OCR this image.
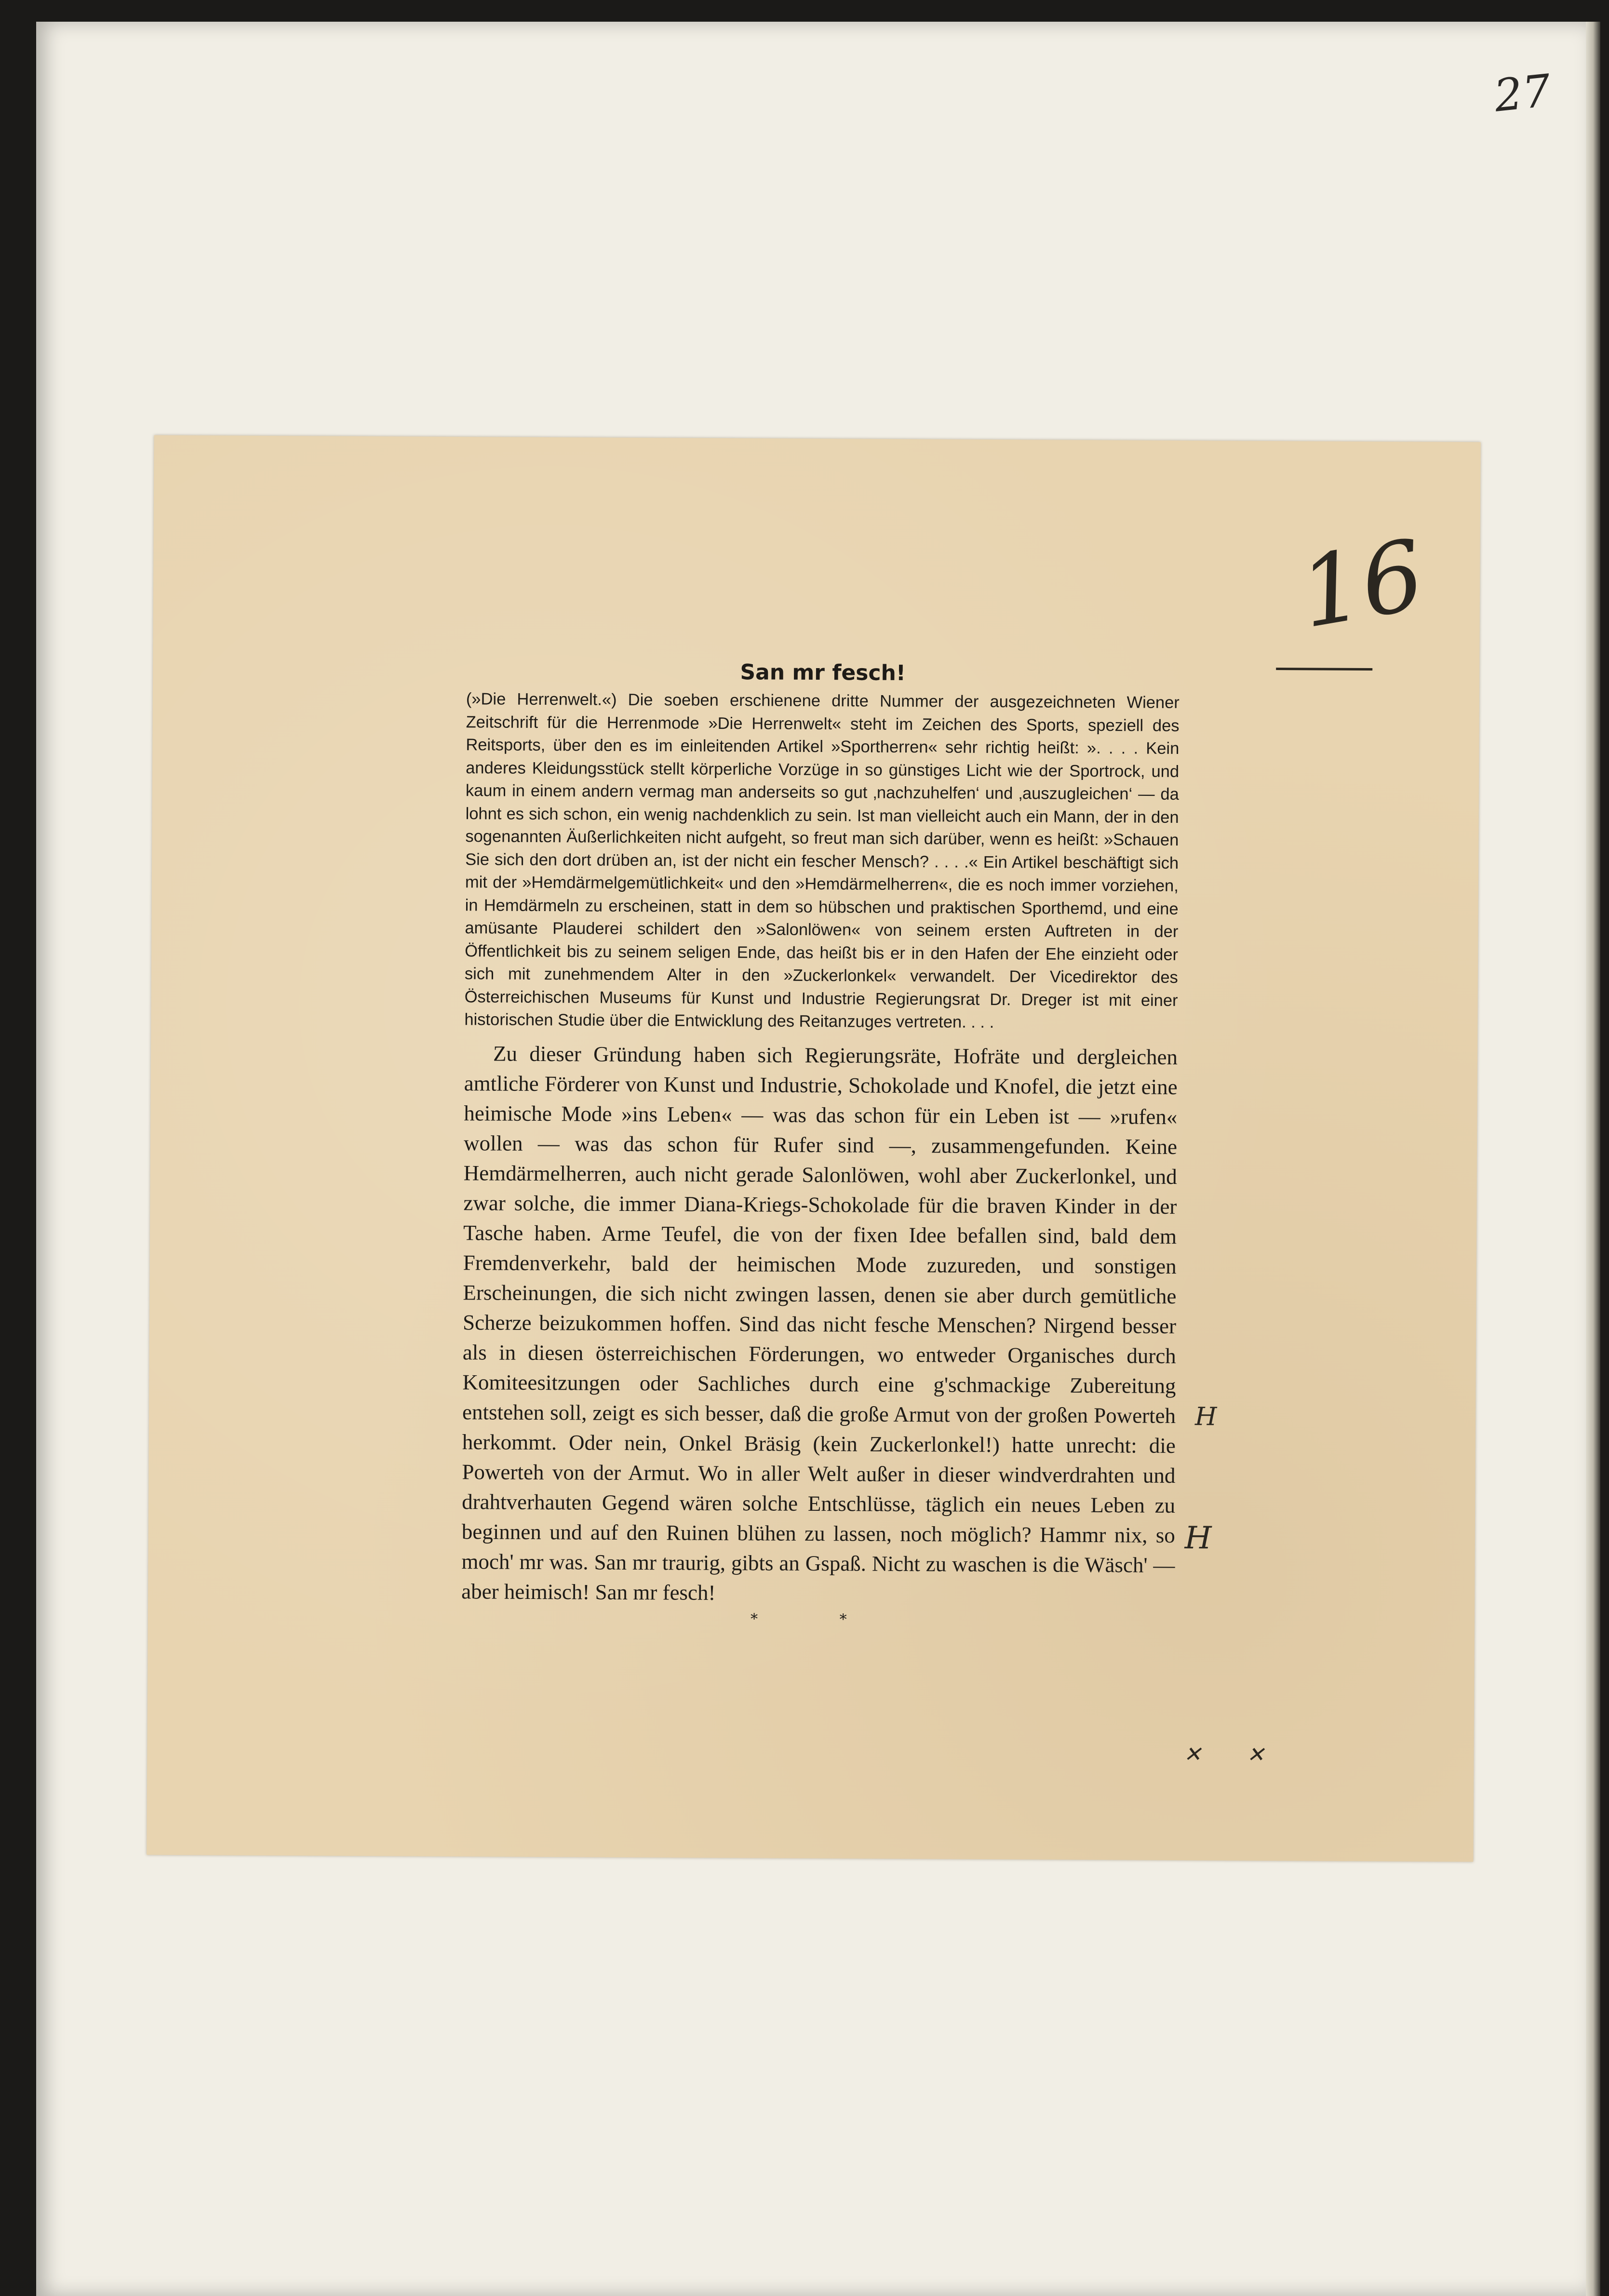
27
16
San mr fesch!

(»Die Herrenwelt.«) Die soeben erschienene dritte Nummer der ausgezeichneten Wiener Zeitschrift für die Herrenmode »Die Herrenwelt« steht im Zeichen des Sports, speziell des Reitsports, über den es im einleitenden Artikel »Sportherren« sehr richtig heißt: ». . . . Kein anderes Kleidungsstück stellt körperliche Vorzüge in so günstiges Licht wie der Sportrock, und kaum in einem andern vermag man anderseits so gut ‚nachzuhelfen‘ und ‚auszugleichen‘ — da lohnt es sich schon, ein wenig nachdenklich zu sein. Ist man vielleicht auch ein Mann, der in den sogenannten Äußerlichkeiten nicht aufgeht, so freut man sich darüber, wenn es heißt: »Schauen Sie sich den dort drüben an, ist der nicht ein fescher Mensch? . . . .« Ein Artikel beschäftigt sich mit der »Hemdärmelgemütlichkeit« und den »Hemdärmelherren«, die es noch immer vorziehen, in Hemdärmeln zu erscheinen, statt in dem so hübschen und praktischen Sporthemd, und eine amüsante Plauderei schildert den »Salonlöwen« von seinem ersten Auftreten in der Öffentlichkeit bis zu seinem seligen Ende, das heißt bis er in den Hafen der Ehe einzieht oder sich mit zunehmendem Alter in den »Zuckerlonkel« verwandelt. Der Vicedirektor des Österreichischen Museums für Kunst und Industrie Regierungsrat Dr. Dreger ist mit einer historischen Studie über die Entwicklung des Reitanzuges vertreten. . . .

Zu dieser Gründung haben sich Regierungsräte, Hofräte und dergleichen amtliche Förderer von Kunst und Industrie, Schokolade und Knofel, die jetzt eine heimische Mode »ins Leben« — was das schon für ein Leben ist — »rufen« wollen — was das schon für Rufer sind —, zusammengefunden. Keine Hemdärmelherren, auch nicht gerade Salonlöwen, wohl aber Zuckerlonkel, und zwar solche, die immer Diana-Kriegs-Schokolade für die braven Kinder in der Tasche haben. Arme Teufel, die von der fixen Idee befallen sind, bald dem Fremdenverkehr, bald der heimischen Mode zuzureden, und sonstigen Erscheinungen, die sich nicht zwingen lassen, denen sie aber durch gemütliche Scherze beizukommen hoffen. Sind das nicht fesche Menschen? Nirgend besser als in diesen österreichischen Förderungen, wo entweder Organisches durch Komiteesitzungen oder Sachliches durch eine g'schmackige Zubereitung entstehen soll, zeigt es sich besser, daß die große Armut von der großen Powerteh herkommt. Oder nein, Onkel Bräsig (kein Zuckerlonkel!) hatte unrecht: die Powerteh von der Armut. Wo in aller Welt außer in dieser windverdrahten und drahtverhauten Gegend wären solche Entschlüsse, täglich ein neues Leben zu beginnen und auf den Ruinen blühen zu lassen, noch möglich? Hammr nix, so moch' mr was. San mr traurig, gibts an Gspaß. Nicht zu waschen is die Wäsch' — aber heimisch! San mr fesch!

* *
H
H
✕ ✕
